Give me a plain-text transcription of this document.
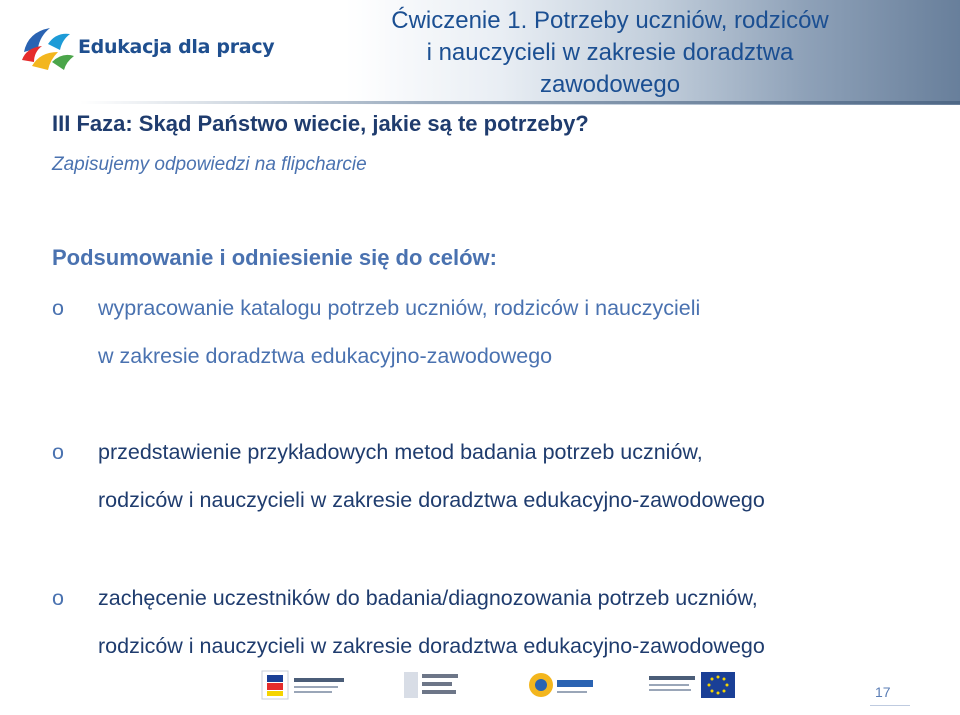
Edukacja dla pracy
Ćwiczenie 1. Potrzeby uczniów, rodziców
i nauczycieli w zakresie doradztwa
zawodowego
III Faza: Skąd Państwo wiecie, jakie są te potrzeby?
Zapisujemy odpowiedzi na flipcharcie
Podsumowanie i odniesienie się do celów:
o wypracowanie katalogu potrzeb uczniów, rodziców i nauczycieli
w zakresie doradztwa edukacyjno-zawodowego
o przedstawienie przykładowych metod badania potrzeb uczniów,
rodziców i nauczycieli w zakresie doradztwa edukacyjno-zawodowego
o zachęcenie uczestników do badania/diagnozowania potrzeb uczniów,
rodziców i nauczycieli w zakresie doradztwa edukacyjno-zawodowego
17
